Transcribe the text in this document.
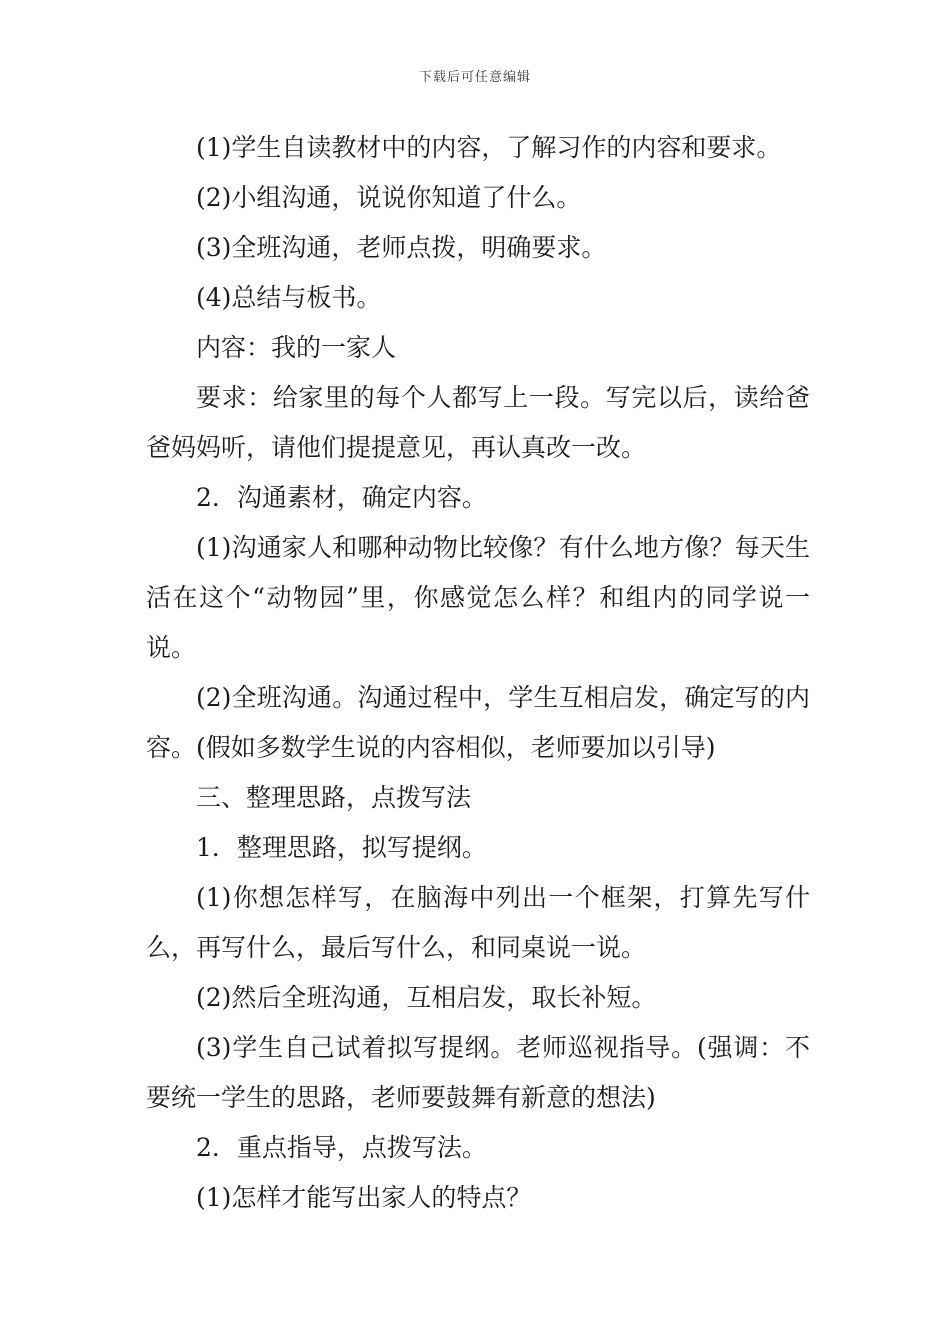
下载后可任意编辑

(1)学生自读教材中的内容，了解习作的内容和要求。

(2)小组沟通，说说你知道了什么。

(3)全班沟通，老师点拨，明确要求。

(4)总结与板书。

内容：我的一家人

要求：给家里的每个人都写上一段。写完以后，读给爸爸妈妈听，请他们提提意见，再认真改一改。

2．沟通素材，确定内容。

(1)沟通家人和哪种动物比较像？有什么地方像？每天生活在这个“动物园”里，你感觉怎么样？和组内的同学说一说。

(2)全班沟通。沟通过程中，学生互相启发，确定写的内容。(假如多数学生说的内容相似，老师要加以引导)

三、整理思路，点拨写法

1．整理思路，拟写提纲。

(1)你想怎样写，在脑海中列出一个框架，打算先写什么，再写什么，最后写什么，和同桌说一说。

(2)然后全班沟通，互相启发，取长补短。

(3)学生自己试着拟写提纲。老师巡视指导。(强调：不要统一学生的思路，老师要鼓舞有新意的想法)

2．重点指导，点拨写法。

(1)怎样才能写出家人的特点？
